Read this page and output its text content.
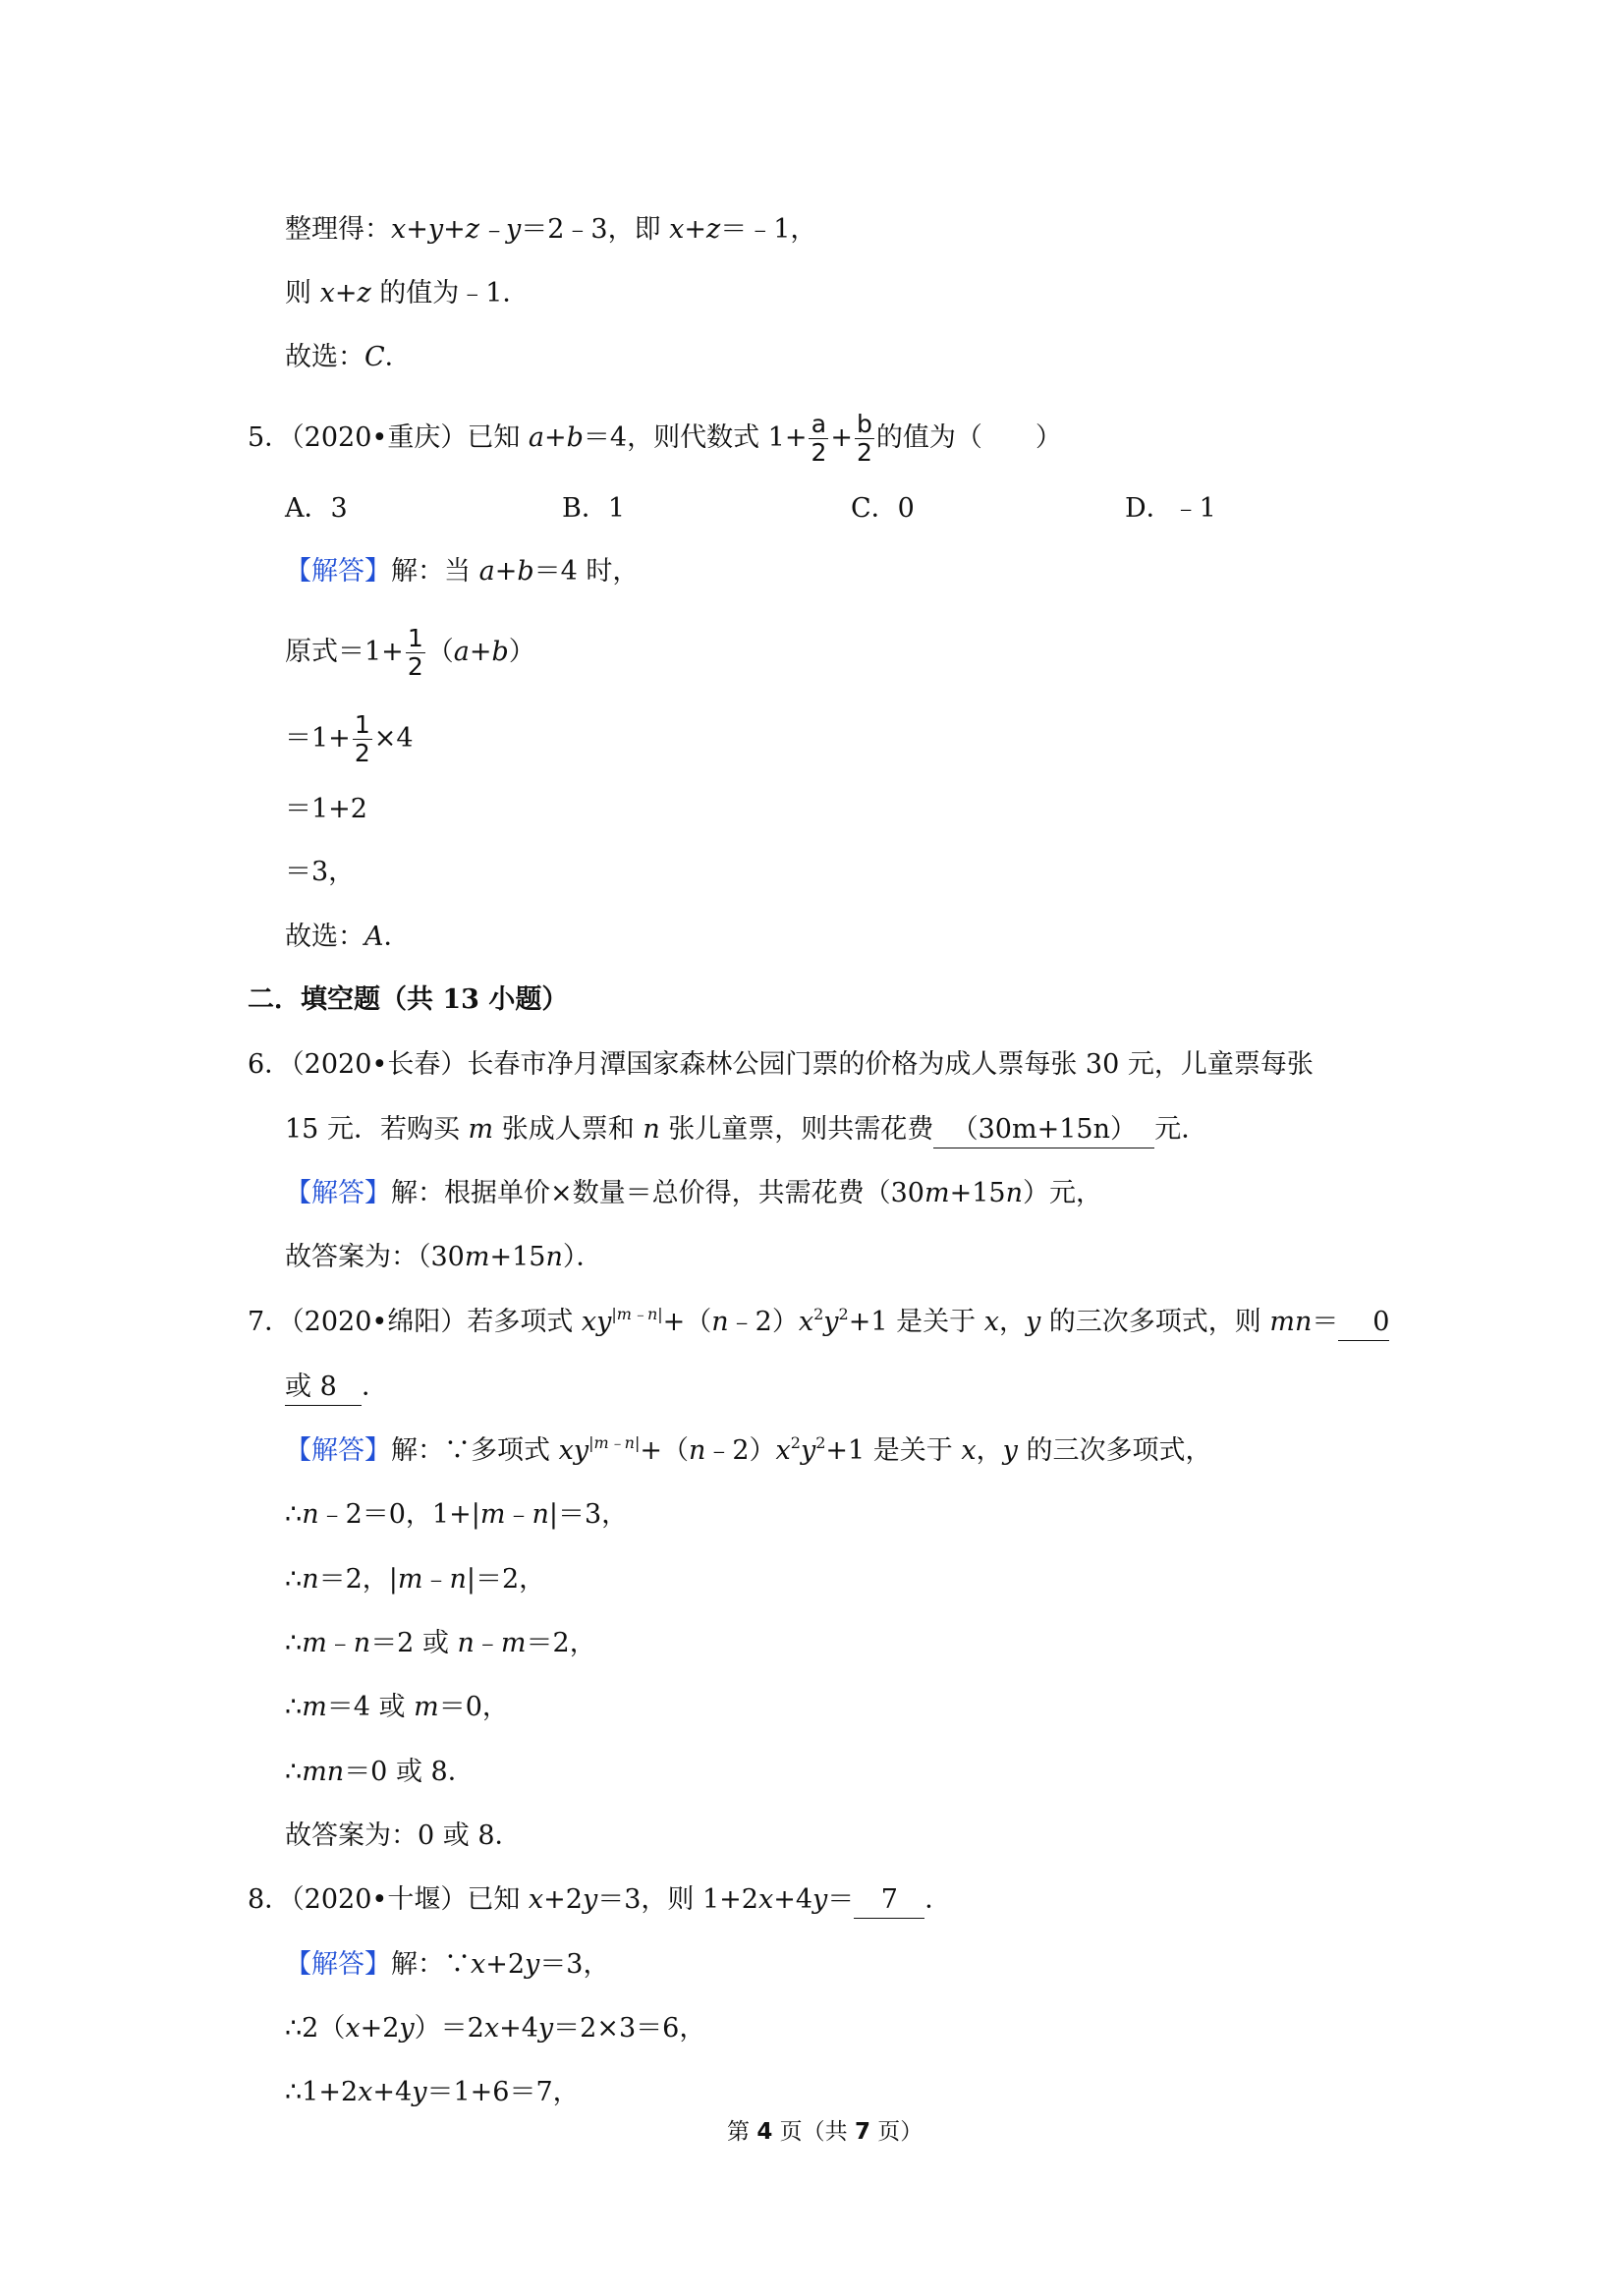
整理得：x+y+z﹣y＝2﹣3，即 x+z＝﹣1，
则 x+z 的值为﹣1．
故选：C．
5．（2020•重庆）已知 a+b＝4，则代数式 $1+ \frac{a}{2} + \frac{b}{2}$ 的值为（　　）
A．3	B．1	C．0	D．﹣1
【解答】解：当 a+b＝4 时，
原式$=1+ \frac{1}{2} (a+b)$
$=1+ \frac{1}{2} \times 4$
＝1+2
＝3，
故选：A．
二．填空题（共 13 小题）
6．（2020•长春）长春市净月潭国家森林公园门票的价格为成人票每张 30 元，儿童票每张
15 元．若购买 m 张成人票和 n 张儿童票，则共需花费 （30m+15n） 元．
【解答】解：根据单价×数量＝总价得，共需花费（30m+15n）元，
故答案为：（30m+15n）．
7．（2020•绵阳）若多项式 $xy^{|m﹣n|}+(n﹣2)x^2y^2+1$ 是关于 x，y 的三次多项式，则 mn＝ 0
或 8 ．
【解答】解：∵多项式 $xy^{|m﹣n|}+(n﹣2)x^2y^2+1$ 是关于 x，y 的三次多项式，
∴n﹣2＝0，1+|m﹣n|＝3，
∴n＝2，|m﹣n|＝2，
∴m﹣n＝2 或 n﹣m＝2，
∴m＝4 或 m＝0，
∴mn＝0 或 8．
故答案为：0 或 8．
8．（2020•十堰）已知 x+2y＝3，则 1+2x+4y＝ 7 ．
【解答】解：∵x+2y＝3，
∴2（x+2y）＝2x+4y＝2×3＝6，
∴1+2x+4y＝1+6＝7，
第 4 页（共 7 页）
